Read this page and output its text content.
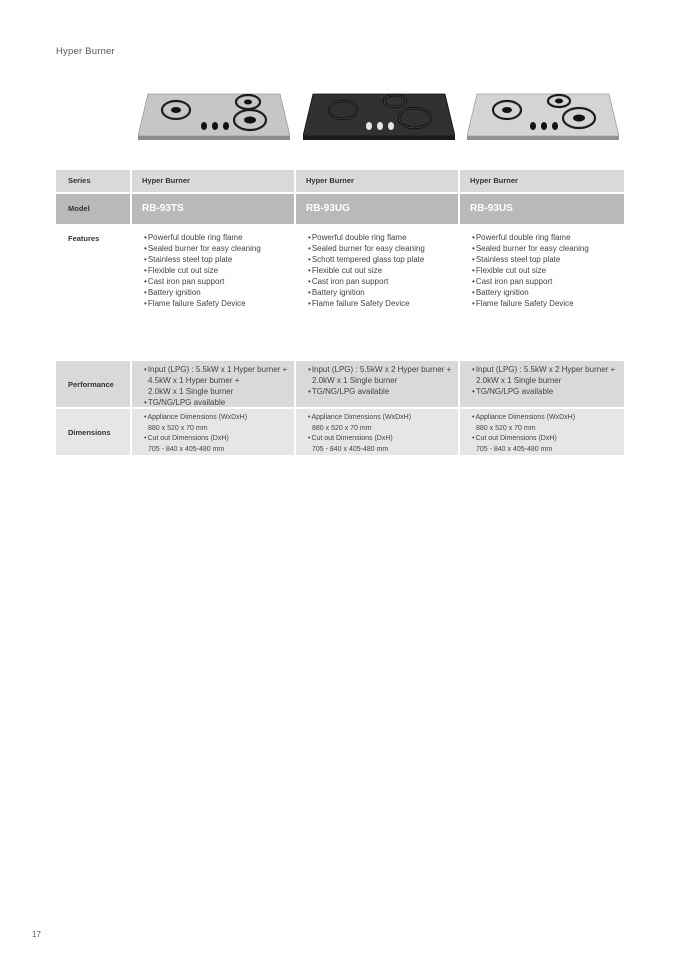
Hyper Burner
Series	Hyper Burner	Hyper Burner	Hyper Burner
Model	RB-93TS	RB-93UG	RB-93US
Features
•	Powerful double ring flame
• Sealed burner for easy cleaning
• Stainless steel top plate
• Flexible cut out size
• Cast iron pan support
• Battery ignition
• Flame failure Safety Device
• Powerful double ring flame
• Sealed burner for easy cleaning
• Schott tempered glass top plate
• Flexible cut out size
• Cast iron pan support
• Battery ignition
• Flame failure Safety Device
• Powerful double ring flame
• Sealed burner for easy cleaning
• Stainless steel top plate
• Flexible cut out size
• Cast iron pan support
• Battery ignition
• Flame failure Safety Device
Performance
• Input (LPG) : 5.5kW x 1 Hyper burner +
4.5kW x 1 Hyper burner +
2.0kW x 1 Single burner
• TG/NG/LPG available
• Input (LPG) : 5.5kW x 2 Hyper burner +
2.0kW x 1 Single burner
• TG/NG/LPG available
• Input (LPG) : 5.5kW x 2 Hyper burner +
2.0kW x 1 Single burner
• TG/NG/LPG available
Dimensions
• Appliance Dimensions (WxDxH)
880 x 520 x 70 mm
• Cut out Dimensions (DxH)
705 - 840 x 405-480 mm
• Appliance Dimensions (WxDxH)
880 x 520 x 70 mm
• Cut out Dimensions (DxH)
705 - 840 x 405-480 mm
• Appliance Dimensions (WxDxH)
880 x 520 x 70 mm
• Cut out Dimensions (DxH)
705 - 840 x 405-480 mm
17
